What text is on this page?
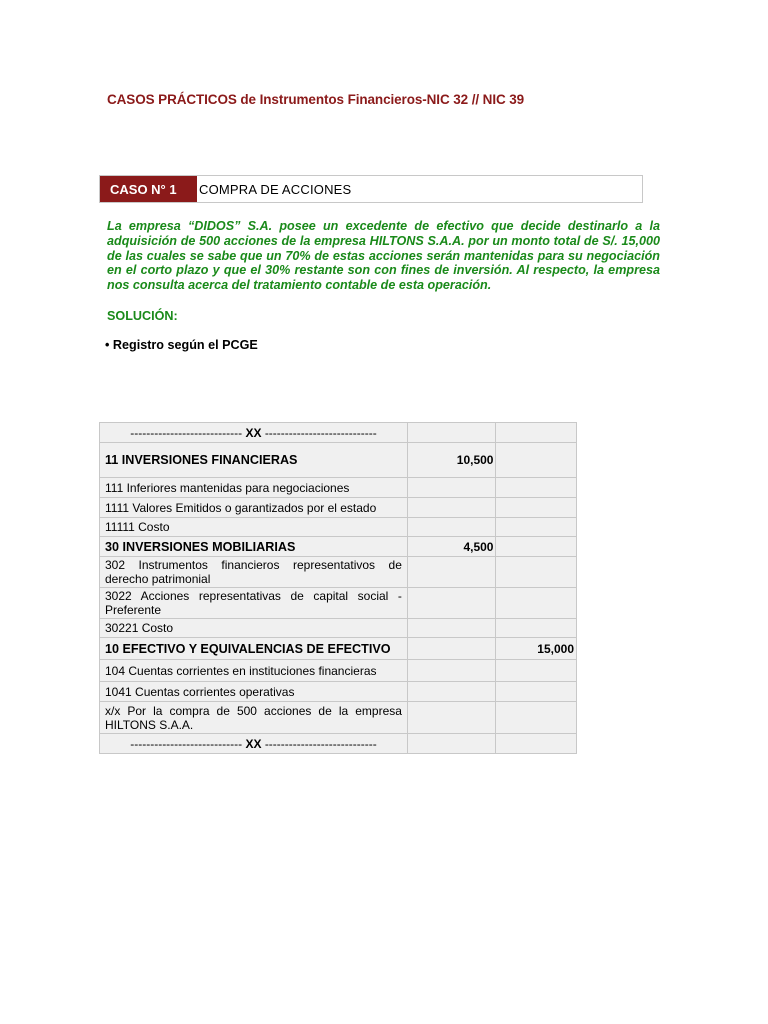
CASOS PRÁCTICOS de Instrumentos Financieros-NIC 32 // NIC 39
CASO N° 1	COMPRA DE ACCIONES

La empresa “DIDOS” S.A. posee un excedente de efectivo que decide destinarlo a la adquisición de 500 acciones de la empresa HILTONS S.A.A. por un monto total de S/. 15,000 de las cuales se sabe que un 70% de estas acciones serán mantenidas para su negociación en el corto plazo y que el 30% restante son con fines de inversión. Al respecto, la empresa nos consulta acerca del tratamiento contable de esta operación.

SOLUCIÓN:

• Registro según el PCGE

---------------------------- XX ----------------------------		
11 INVERSIONES FINANCIERAS	10,500	
111 Inferiores mantenidas para negociaciones		
1111 Valores Emitidos o garantizados por el estado		
11111 Costo		
30 INVERSIONES MOBILIARIAS	4,500	
302 Instrumentos financieros representativos de derecho patrimonial		
3022 Acciones representativas de capital social - Preferente		
30221 Costo		
10 EFECTIVO Y EQUIVALENCIAS DE EFECTIVO		15,000
104 Cuentas corrientes en instituciones financieras		
1041 Cuentas corrientes operativas		
x/x Por la compra de 500 acciones de la empresa HILTONS S.A.A.		
---------------------------- XX ----------------------------		
